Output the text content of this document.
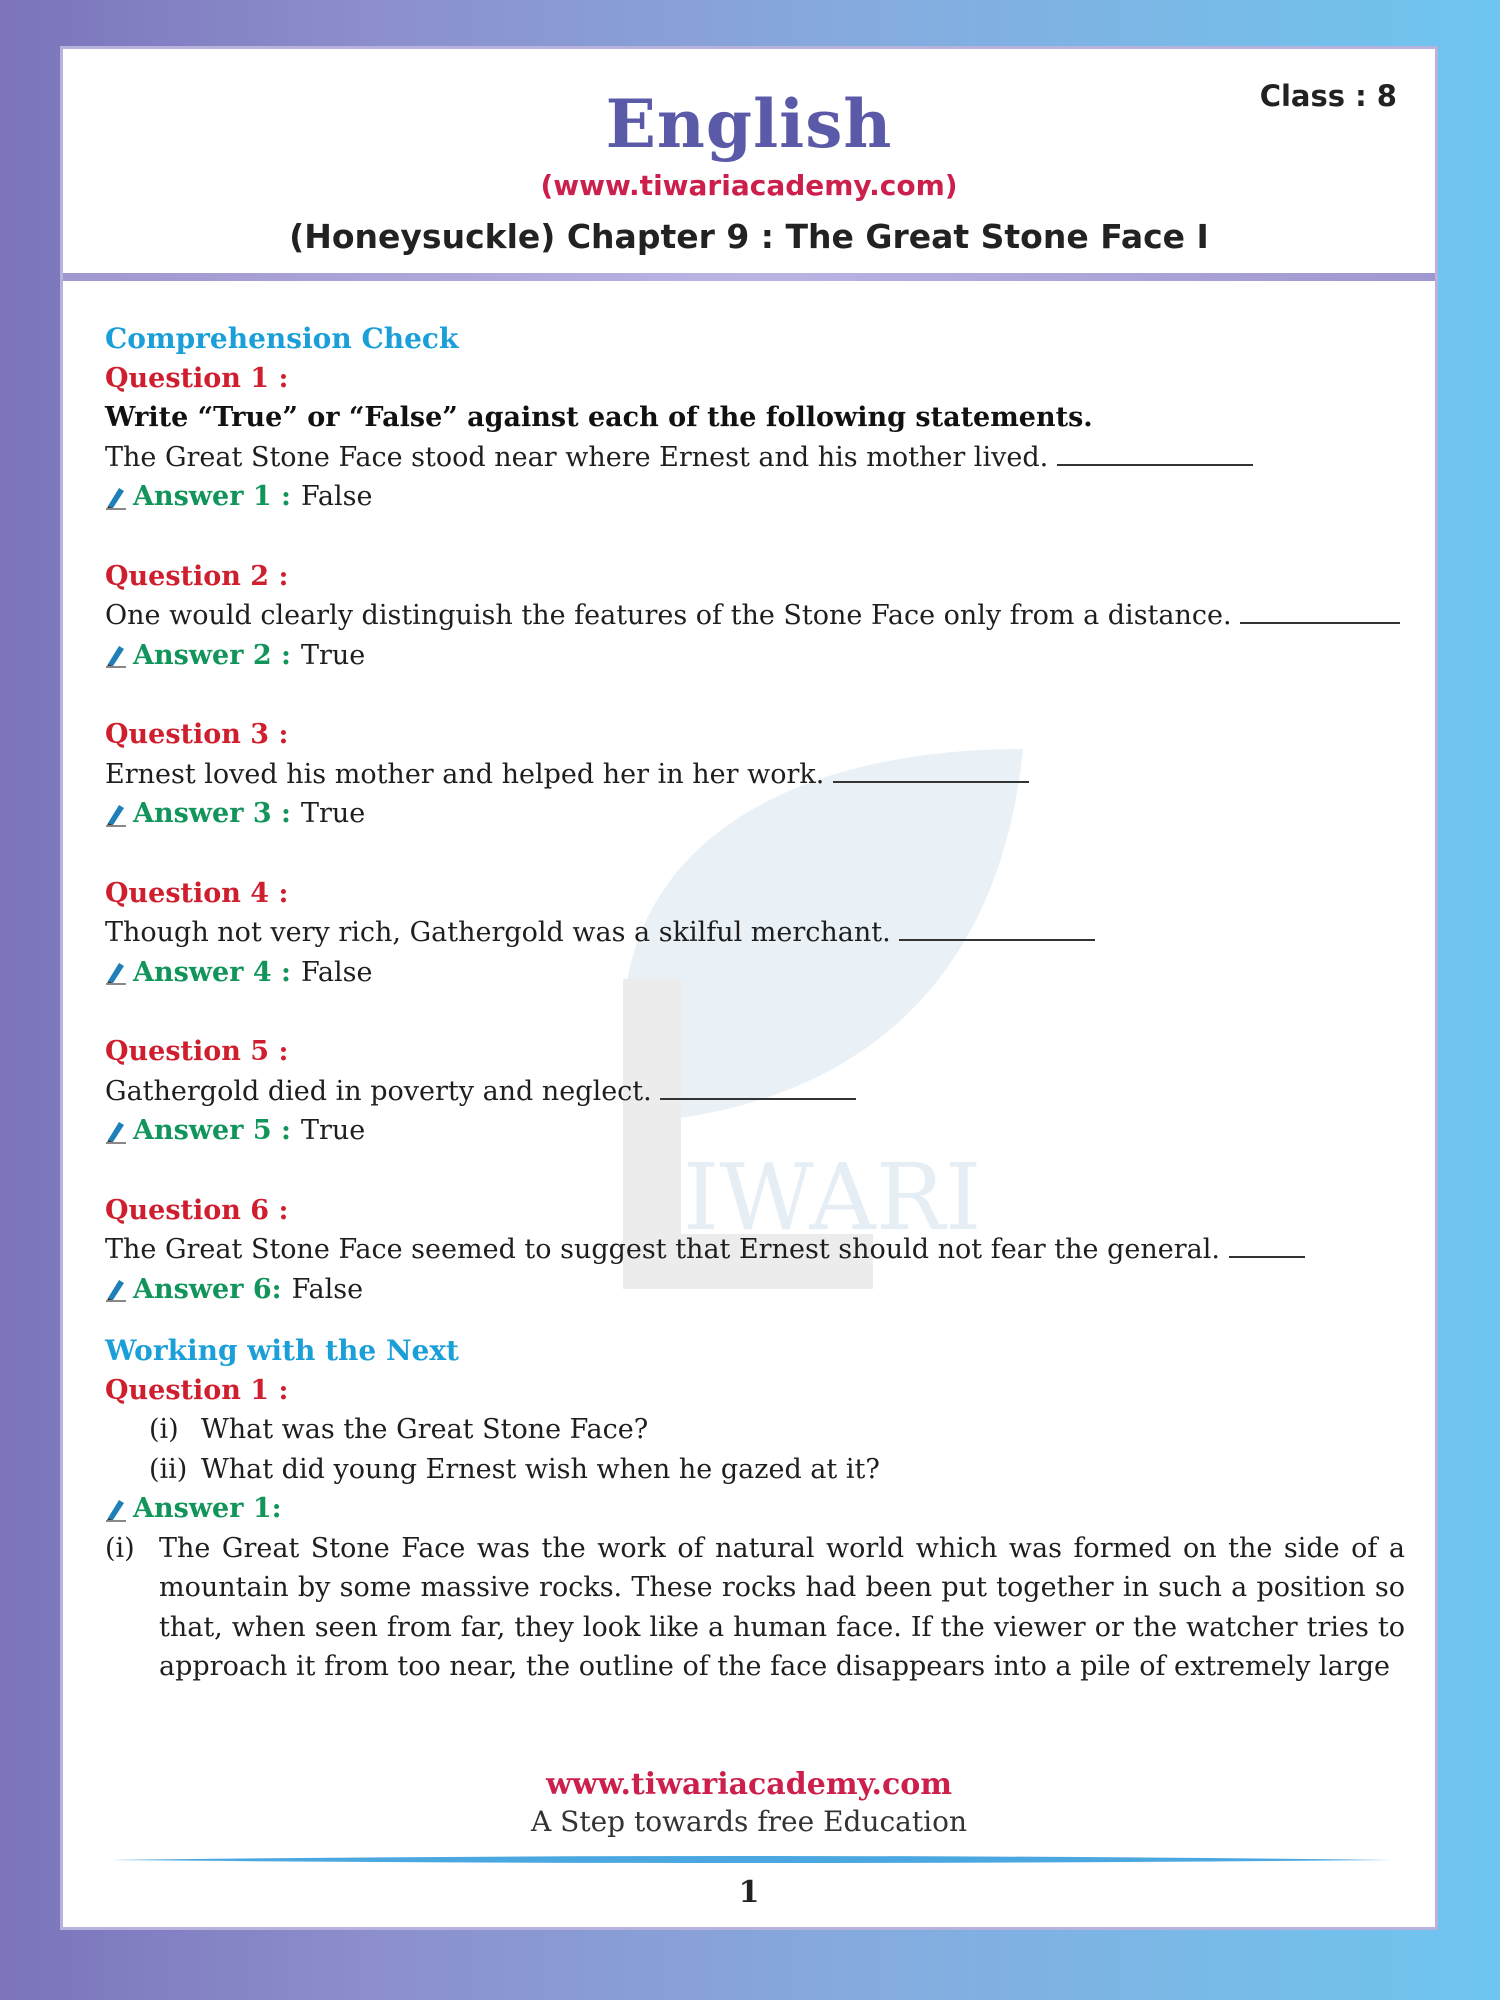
English	Class : 8
(www.tiwariacademy.com)
(Honeysuckle) Chapter 9 : The Great Stone Face I
IWARI
Comprehension Check
Question 1 :
Write “True” or “False” against each of the following statements.
The Great Stone Face stood near where Ernest and his mother lived.
Answer 1 : False
Question 2 :
One would clearly distinguish the features of the Stone Face only from a distance.
Answer 2 : True
Question 3 :
Ernest loved his mother and helped her in her work.
Answer 3 : True
Question 4 :
Though not very rich, Gathergold was a skilful merchant.
Answer 4 : False
Question 5 :
Gathergold died in poverty and neglect.
Answer 5 : True
Question 6 :
The Great Stone Face seemed to suggest that Ernest should not fear the general.
Answer 6: False
Working with the Next
Question 1 :
(i) What was the Great Stone Face?
(ii) What did young Ernest wish when he gazed at it?
Answer 1:
(i) The Great Stone Face was the work of natural world which was formed on the side of a mountain by some massive rocks. These rocks had been put together in such a position so that, when seen from far, they look like a human face. If the viewer or the watcher tries to approach it from too near, the outline of the face disappears into a pile of extremely large
www.tiwariacademy.com
A Step towards free Education
1
